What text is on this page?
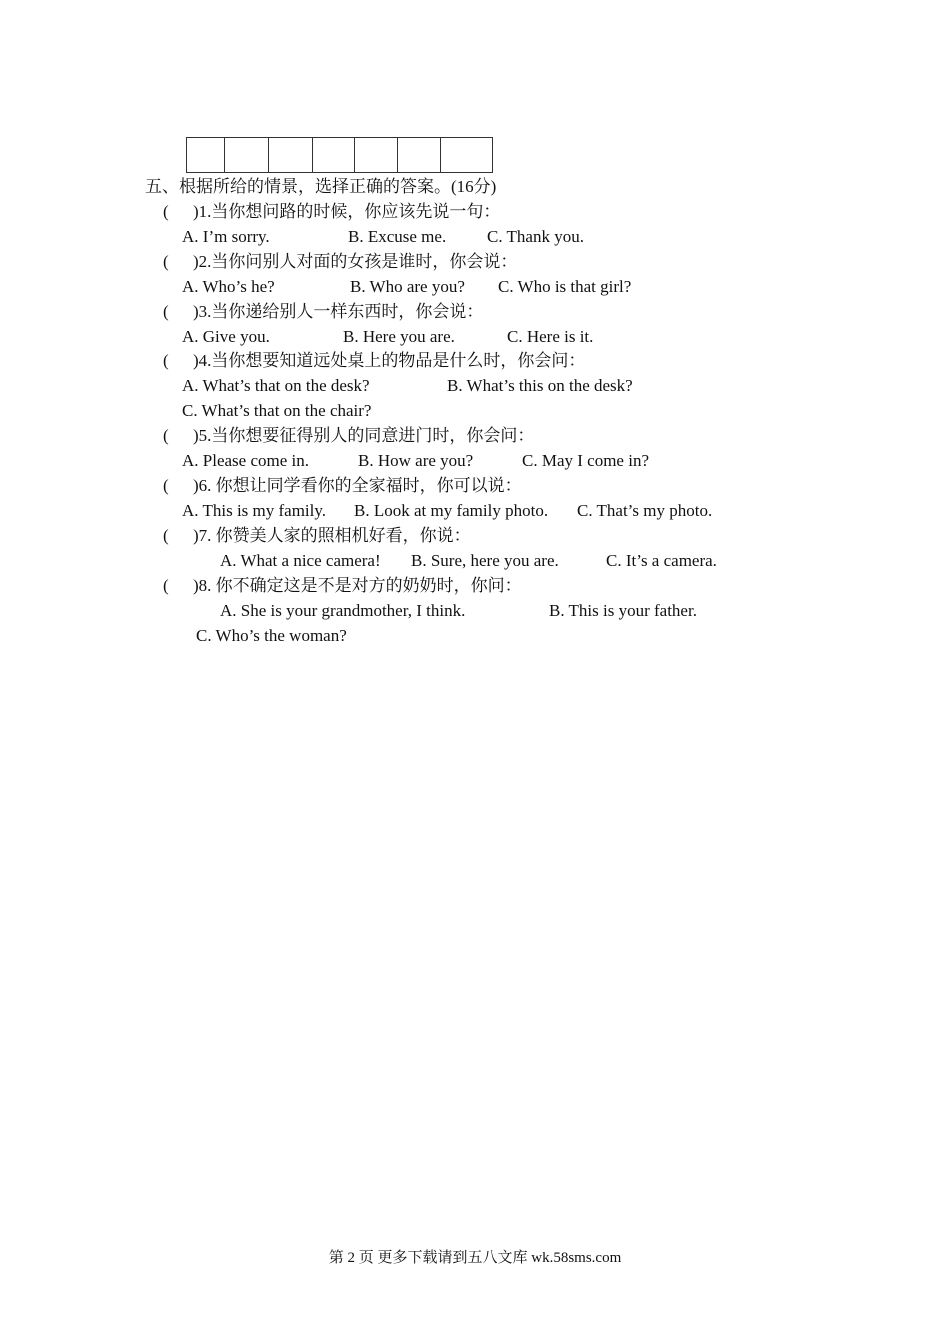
五、根据所给的情景，选择正确的答案。(16分)
( )1.当你想问路的时候，你应该先说一句：
A. I’m sorry.	B. Excuse me. C. Thank you.
( )2.当你问别人对面的女孩是谁时，你会说：
A. Who’s he?	B. Who are you? C. Who is that girl?
( )3.当你递给别人一样东西时，你会说：
A. Give you.	B. Here you are.	C. Here is it.
( )4.当你想要知道远处桌上的物品是什么时，你会问：
A. What’s that on the desk?	B. What’s this on the desk?
C. What’s that on the chair?
( )5.当你想要征得别人的同意进门时，你会问：
A. Please come in.	B. How are you?	C. May I come in?
( )6. 你想让同学看你的全家福时，你可以说：
A. This is my family. B. Look at my family photo. C. That’s my photo.
( )7. 你赞美人家的照相机好看，你说：
A. What a nice camera! B. Sure, here you are.	C. It’s a camera.
( )8. 你不确定这是不是对方的奶奶时，你问：
A. She is your grandmother, I think.	B. This is your father.
C. Who’s the woman?
第 2 页 更多下载请到五八文库 wk.58sms.com
